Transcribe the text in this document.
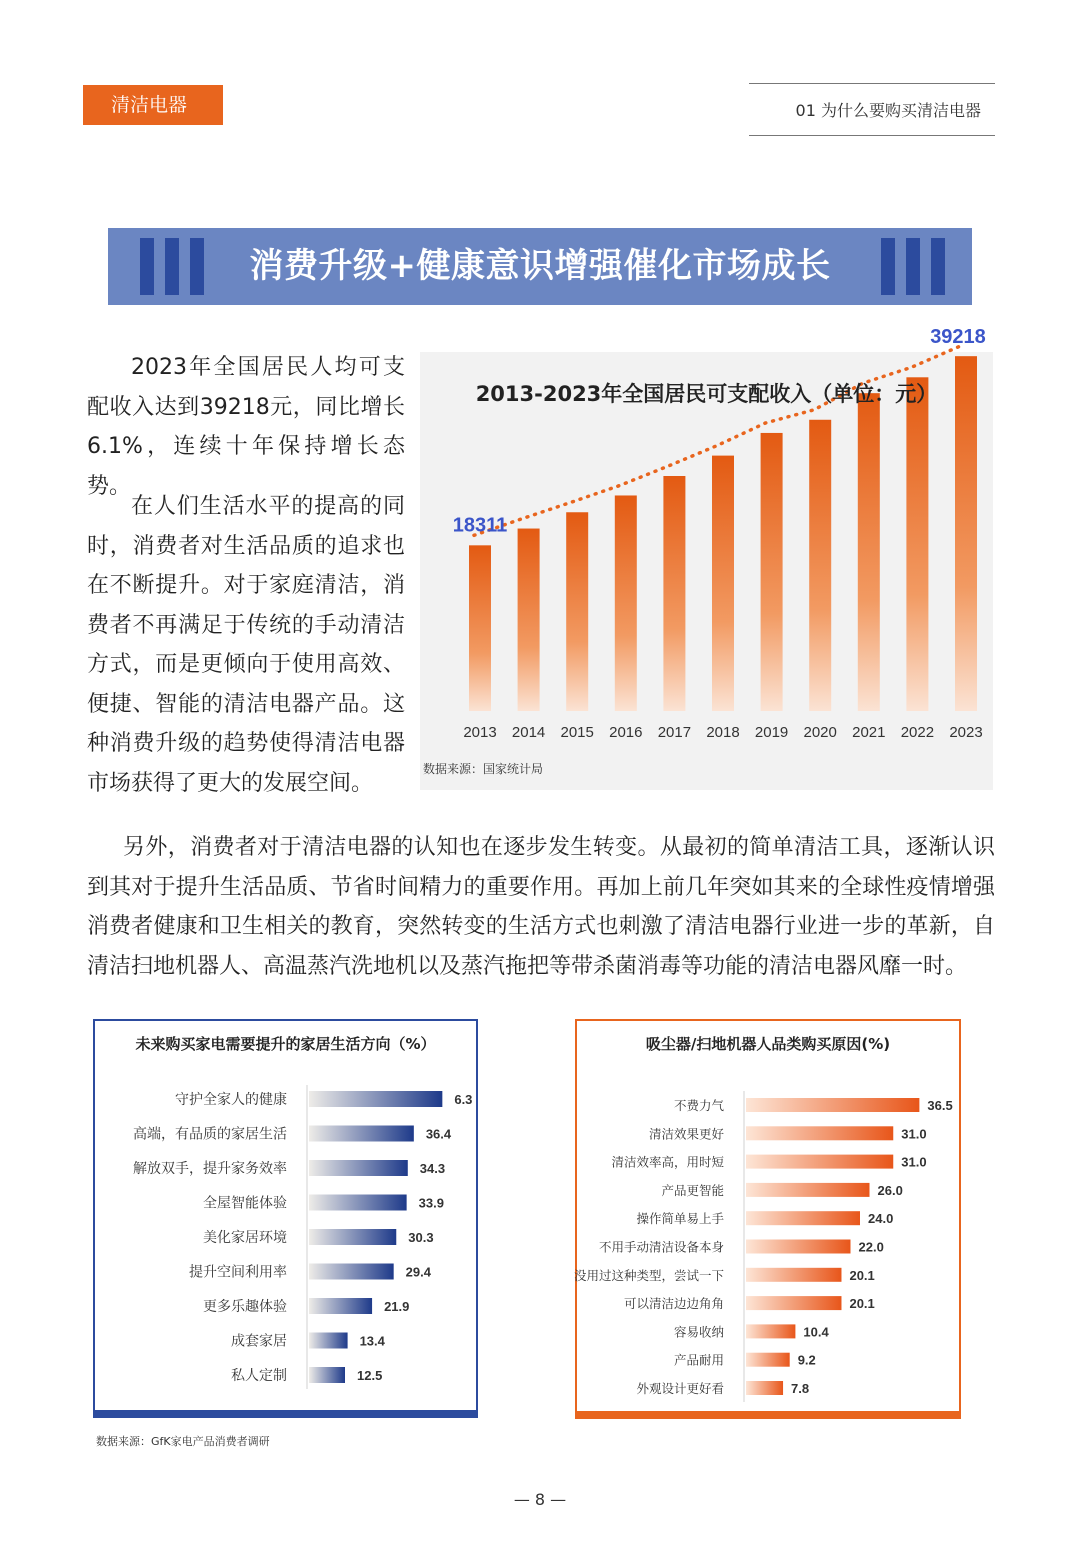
清洁电器	01 为什么要购买清洁电器
消费升级+健康意识增强催化市场成长

2023年全国居民人均可支配收入达到39218元，同比增长6.1%，连续十年保持增长态势。

在人们生活水平的提高的同时，消费者对生活品质的追求也在不断提升。对于家庭清洁，消费者不再满足于传统的手动清洁方式，而是更倾向于使用高效、便捷、智能的清洁电器产品。这种消费升级的趋势使得清洁电器市场获得了更大的发展空间。

另外，消费者对于清洁电器的认知也在逐步发生转变。从最初的简单清洁工具，逐渐认识到其对于提升生活品质、节省时间精力的重要作用。再加上前几年突如其来的全球性疫情增强消费者健康和卫生相关的教育，突然转变的生活方式也刺激了清洁电器行业进一步的革新，自清洁扫地机器人、高温蒸汽洗地机以及蒸汽拖把等带杀菌消毒等功能的清洁电器风靡一时。

2013 2014 2015 2016 2017 2018 2019 2020 2021 2022 2023
18311
39218
2013-2023年全国居民可支配收入（单位：元）
数据来源：国家统计局
未来购买家电需要提升的家居生活方向（%）
守护全家人的健康	6.3
高端，有品质的家居生活	36.4
解放双手，提升家务效率	34.3
全屋智能体验	33.9
美化家居环境	30.3
提升空间利用率	29.4
更多乐趣体验	21.9
成套家居	13.4
私人定制	12.5
吸尘器/扫地机器人品类购买原因(%)
不费力气	36.5
清洁效果更好	31.0
清洁效率高，用时短	31.0
产品更智能	26.0
操作简单易上手	24.0
不用手动清洁设备本身	22.0
没用过这种类型，尝试一下	20.1
可以清洁边边角角	20.1
容易收纳	10.4
产品耐用	9.2
外观设计更好看	7.8
数据来源：GfK家电产品消费者调研
— 8 —
